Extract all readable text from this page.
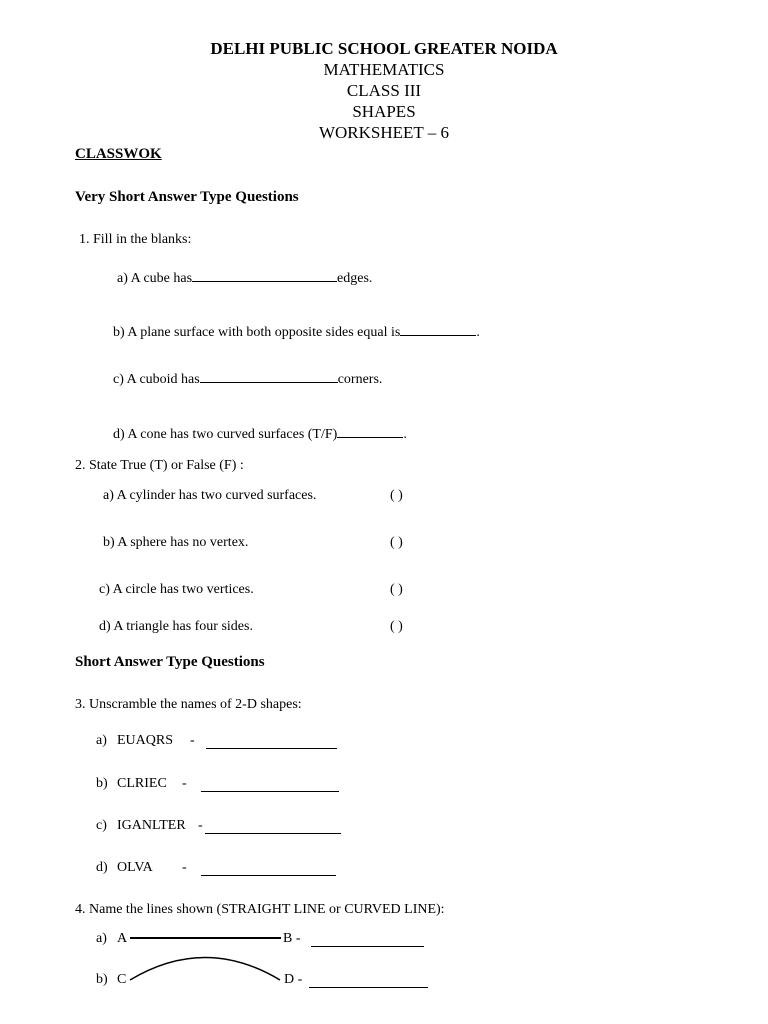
DELHI PUBLIC SCHOOL GREATER NOIDA
MATHEMATICS
CLASS III
SHAPES
WORKSHEET – 6
CLASSWOK
Very Short Answer Type Questions
1. Fill in the blanks:
a) A cube has	edges.
b) A plane surface with both opposite sides equal is	.
c) A cuboid has	corners.
d) A cone has two curved surfaces (T/F)	.
2. State True (T) or False (F) :
a) A cylinder has two curved surfaces.	( )
b) A sphere has no vertex.	( )
c) A circle has two vertices.	( )
d) A triangle has four sides.	( )
Short Answer Type Questions
3. Unscramble the names of 2-D shapes:
a) EUAQRS -
b) CLRIEC -
c) IGANLTER -
d) OLVA -
4. Name the lines shown (STRAIGHT LINE or CURVED LINE):
a) A	B -
b) C	D -
